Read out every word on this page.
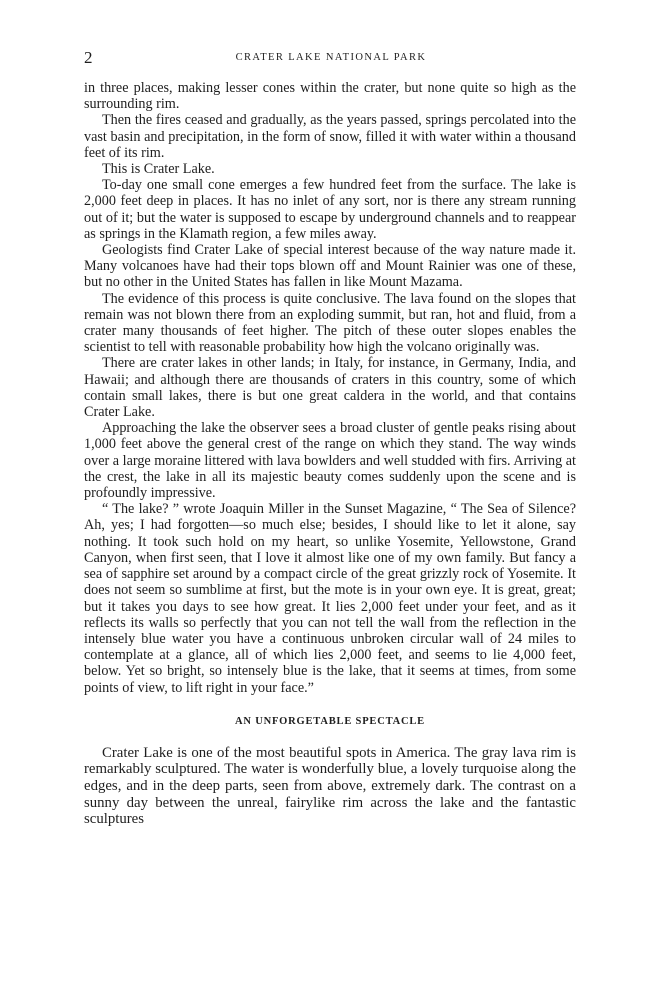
2	CRATER LAKE NATIONAL PARK

in three places, making lesser cones within the crater, but none quite so high as the surrounding rim.

Then the fires ceased and gradually, as the years passed, springs percolated into the vast basin and precipitation, in the form of snow, filled it with water within a thousand feet of its rim.

This is Crater Lake.

To-day one small cone emerges a few hundred feet from the surface. The lake is 2,000 feet deep in places. It has no inlet of any sort, nor is there any stream running out of it; but the water is supposed to escape by underground channels and to reappear as springs in the Klamath region, a few miles away.

Geologists find Crater Lake of special interest because of the way nature made it. Many volcanoes have had their tops blown off and Mount Rainier was one of these, but no other in the United States has fallen in like Mount Mazama.

The evidence of this process is quite conclusive. The lava found on the slopes that remain was not blown there from an exploding summit, but ran, hot and fluid, from a crater many thousands of feet higher. The pitch of these outer slopes enables the scientist to tell with reasonable probability how high the volcano originally was.

There are crater lakes in other lands; in Italy, for instance, in Germany, India, and Hawaii; and although there are thousands of craters in this country, some of which contain small lakes, there is but one great caldera in the world, and that contains Crater Lake.

Approaching the lake the observer sees a broad cluster of gentle peaks rising about 1,000 feet above the general crest of the range on which they stand. The way winds over a large moraine littered with lava bowlders and well studded with firs. Arriving at the crest, the lake in all its majestic beauty comes suddenly upon the scene and is profoundly impressive.

“ The lake? ” wrote Joaquin Miller in the Sunset Magazine, “ The Sea of Silence? Ah, yes; I had forgotten—so much else; besides, I should like to let it alone, say nothing. It took such hold on my heart, so unlike Yosemite, Yellowstone, Grand Canyon, when first seen, that I love it almost like one of my own family. But fancy a sea of sapphire set around by a compact circle of the great grizzly rock of Yosemite. It does not seem so sumblime at first, but the mote is in your own eye. It is great, great; but it takes you days to see how great. It lies 2,000 feet under your feet, and as it reflects its walls so perfectly that you can not tell the wall from the reflection in the intensely blue water you have a continuous unbroken circular wall of 24 miles to contemplate at a glance, all of which lies 2,000 feet, and seems to lie 4,000 feet, below. Yet so bright, so intensely blue is the lake, that it seems at times, from some points of view, to lift right in your face.”

AN UNFORGETABLE SPECTACLE

Crater Lake is one of the most beautiful spots in America. The gray lava rim is remarkably sculptured. The water is wonderfully blue, a lovely turquoise along the edges, and in the deep parts, seen from above, extremely dark. The contrast on a sunny day between the unreal, fairylike rim across the lake and the fantastic sculptures
